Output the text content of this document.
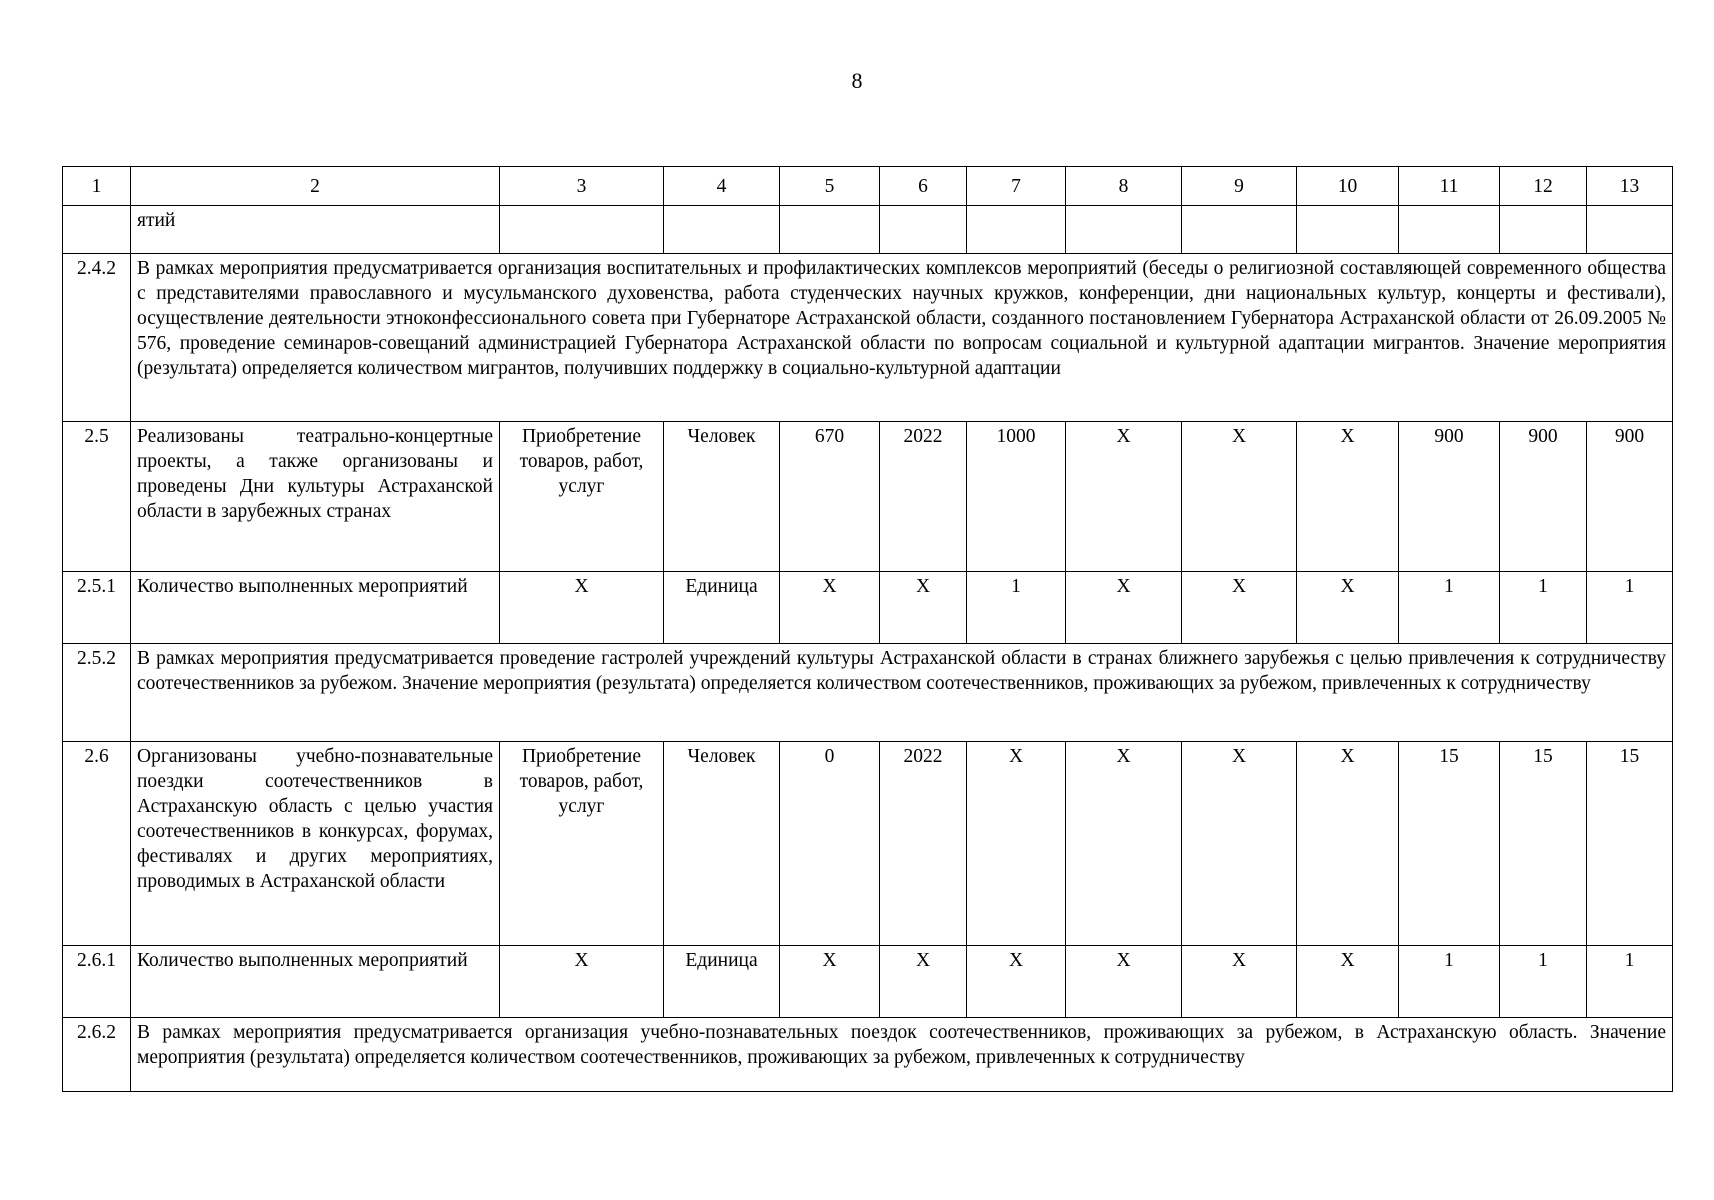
8
1	2	3	4	5	6	7	8	9	10	11	12	13
	ятий											
2.4.2	В рамках мероприятия предусматривается организация воспитательных и профилактических комплексов мероприятий (беседы о религиозной составляющей современного общества с представителями православного и мусульманского духовенства, работа студенческих научных кружков, конференции, дни национальных культур, концерты и фестивали), осуществление деятельности этноконфессионального совета при Губернаторе Астраханской области, созданного постановлением Губернатора Астраханской области от 26.09.2005 № 576, проведение семинаров-совещаний администрацией Губернатора Астраханской области по вопросам социальной и культурной адаптации мигрантов. Значение мероприятия (результата) определяется количеством мигрантов, получивших поддержку в социально-культурной адаптации											
2.5	Реализованы театрально-концертные проекты, а также организованы и проведены Дни культуры Астраханской области в зарубежных странах	Приобретение товаров, работ, услуг	Человек	670	2022	1000	X	X	X	900	900	900
2.5.1	Количество выполненных мероприятий	X	Единица	X	X	1	X	X	X	1	1	1
2.5.2	В рамках мероприятия предусматривается проведение гастролей учреждений культуры Астраханской области в странах ближнего зарубежья с целью привлечения к сотрудничеству соотечественников за рубежом. Значение мероприятия (результата) определяется количеством соотечественников, проживающих за рубежом, привлеченных к сотрудничеству											
2.6	Организованы учебно-познавательные поездки соотечественников в Астраханскую область с целью участия соотечественников в конкурсах, форумах, фестивалях и других мероприятиях, проводимых в Астраханской области	Приобретение товаров, работ, услуг	Человек	0	2022	X	X	X	X	15	15	15
2.6.1	Количество выполненных мероприятий	X	Единица	X	X	X	X	X	X	1	1	1
2.6.2	В рамках мероприятия предусматривается организация учебно-познавательных поездок соотечественников, проживающих за рубежом, в Астраханскую область. Значение мероприятия (результата) определяется количеством соотечественников, проживающих за рубежом, привлеченных к сотрудничеству											
